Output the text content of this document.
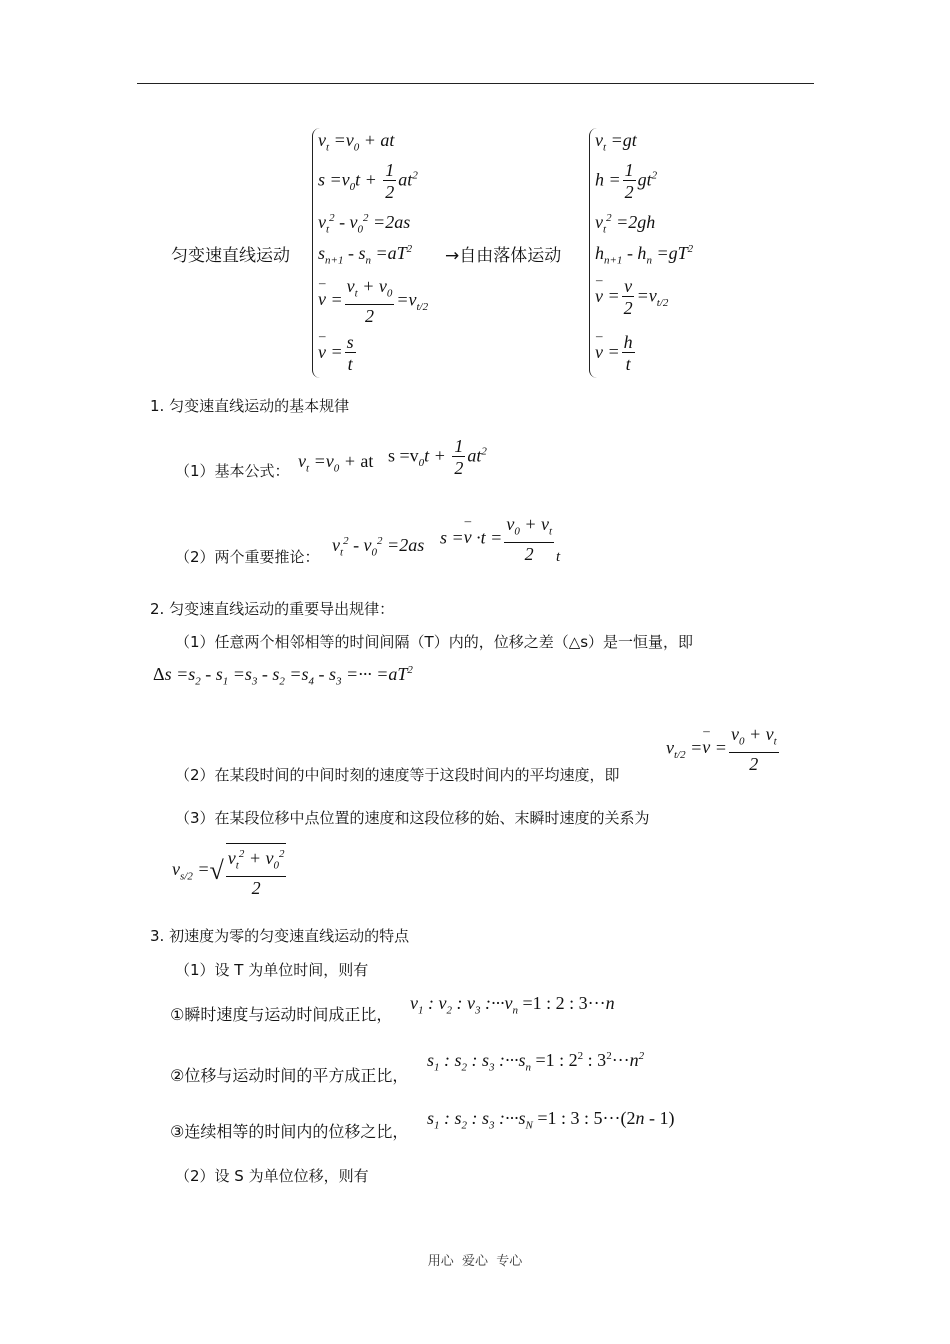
匀变速直线运动
$v_t =v_0$ + at
$s =v_0t + \frac{1}{2} at^2$
$v_t^2 - v_0^2 =2as$
$s_{n+1} - s_n =aT^2$
– $v = \frac{v_t + v_0}{2} =v_{t/2}$
– $v = \frac{s}{t}$
→自由落体运动
$v_t =gt$
$h = \frac{1}{2} gt^2$
$v_t^2 =2gh$
$h_{n+1} - h_n =gT^2$
– $v = \frac{v}{2} =v_{t/2}$
– $v = \frac{h}{t}$
1. 匀变速直线运动的基本规律
（1）基本公式： $v_t =v_0$ + at $s =v_0t + \frac{1}{2} at^2$
（2）两个重要推论：
$v_t^2 - v_0^2 =2as$ $s =- v \cdot t = \frac{v_0 + v_t}{2} _t$
2. 匀变速直线运动的重要导出规律：
（1）任意两个相邻相等的时间间隔（T）内的，位移之差（△s）是一恒量，即
$\Delta s =s_2 - s_1 =s_3 - s_2 =s_4 - s_3$ =··· $=aT^2$
（2）在某段时间的中间时刻的速度等于这段时间内的平均速度，即
$v_{t/2} =- v = \frac{v_0 + v_t}{2}$
（3）在某段位移中点位置的速度和这段位移的始、末瞬时速度的关系为
$v_{s/2}$ =√ $\frac{v_t^2 + v_0^2}{2}$
3. 初速度为零的匀变速直线运动的特点
（1）设 T 为单位时间，则有
①瞬时速度与运动时间成正比，
$v_1$ : $v_2$ : $v_3$ $:\cdot\cdot\cdot v_n =1$ : 2 : 3···n
②位移与运动时间的平方成正比，
$s_1$ : $s_2$ : $s_3$ $:\cdot\cdot\cdot s_n =1$ : $2^2$ : $3^2\cdot\cdot\cdot n^2$
③连续相等的时间内的位移之比，
$s_1$ : $s_2$ : $s_3$ $:\cdot\cdot\cdot s_N =1$ : 3 : 5···(2n - 1)
（2）设 S 为单位位移，则有
用心  爱心  专心
